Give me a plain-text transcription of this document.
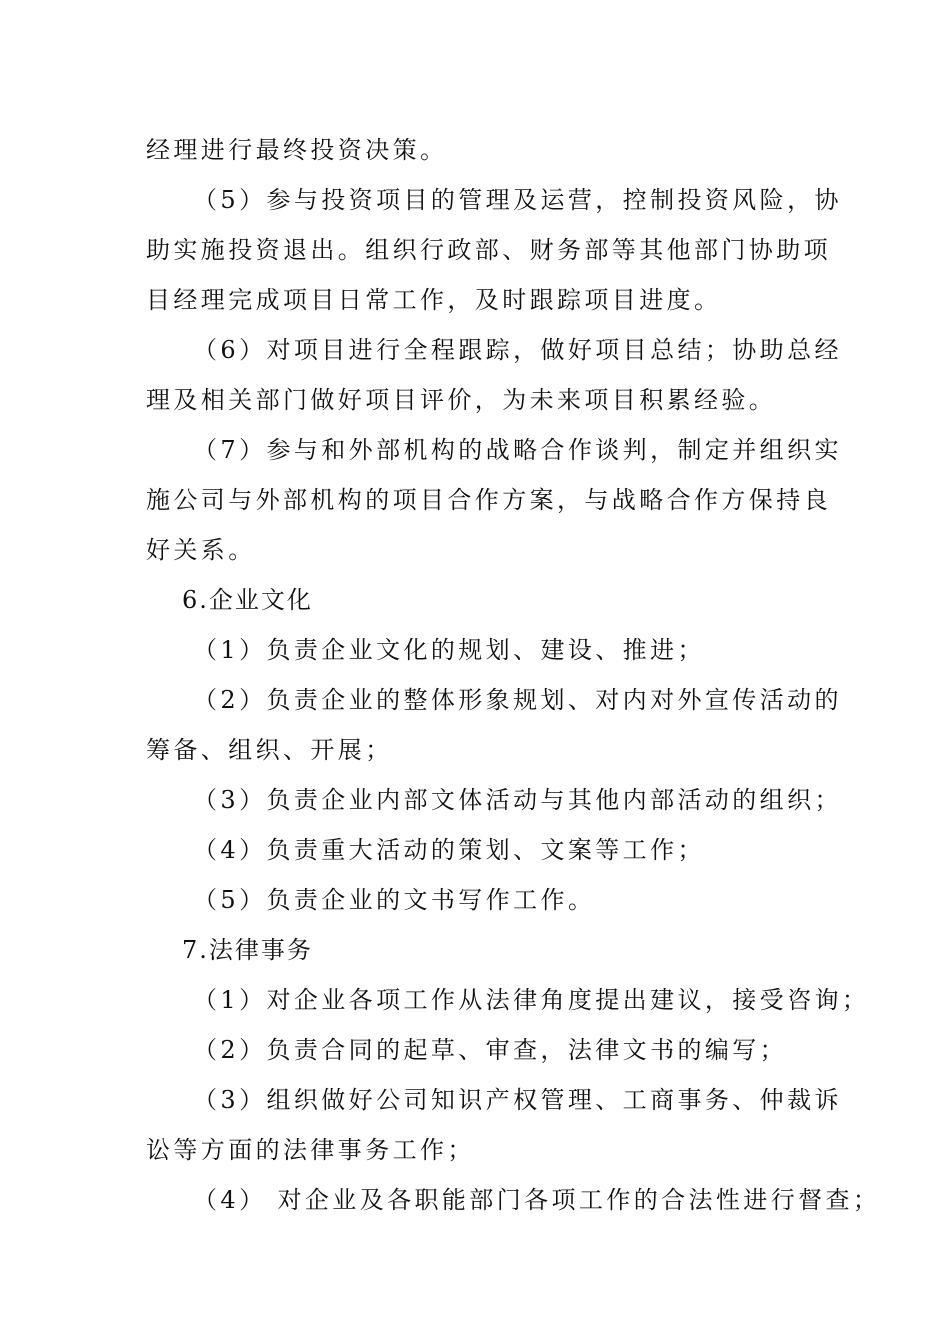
经理进行最终投资决策。
（5）参与投资项目的管理及运营，控制投资风险，协
助实施投资退出。组织行政部、财务部等其他部门协助项
目经理完成项目日常工作，及时跟踪项目进度。
（6）对项目进行全程跟踪，做好项目总结；协助总经
理及相关部门做好项目评价，为未来项目积累经验。
（7）参与和外部机构的战略合作谈判，制定并组织实
施公司与外部机构的项目合作方案，与战略合作方保持良
好关系。
6.企业文化
（1）负责企业文化的规划、建设、推进；
（2）负责企业的整体形象规划、对内对外宣传活动的
筹备、组织、开展；
（3）负责企业内部文体活动与其他内部活动的组织；
（4）负责重大活动的策划、文案等工作；
（5）负责企业的文书写作工作。
7.法律事务
（1）对企业各项工作从法律角度提出建议，接受咨询；
（2）负责合同的起草、审查，法律文书的编写；
（3）组织做好公司知识产权管理、工商事务、仲裁诉
讼等方面的法律事务工作；
（4） 对企业及各职能部门各项工作的合法性进行督查；
